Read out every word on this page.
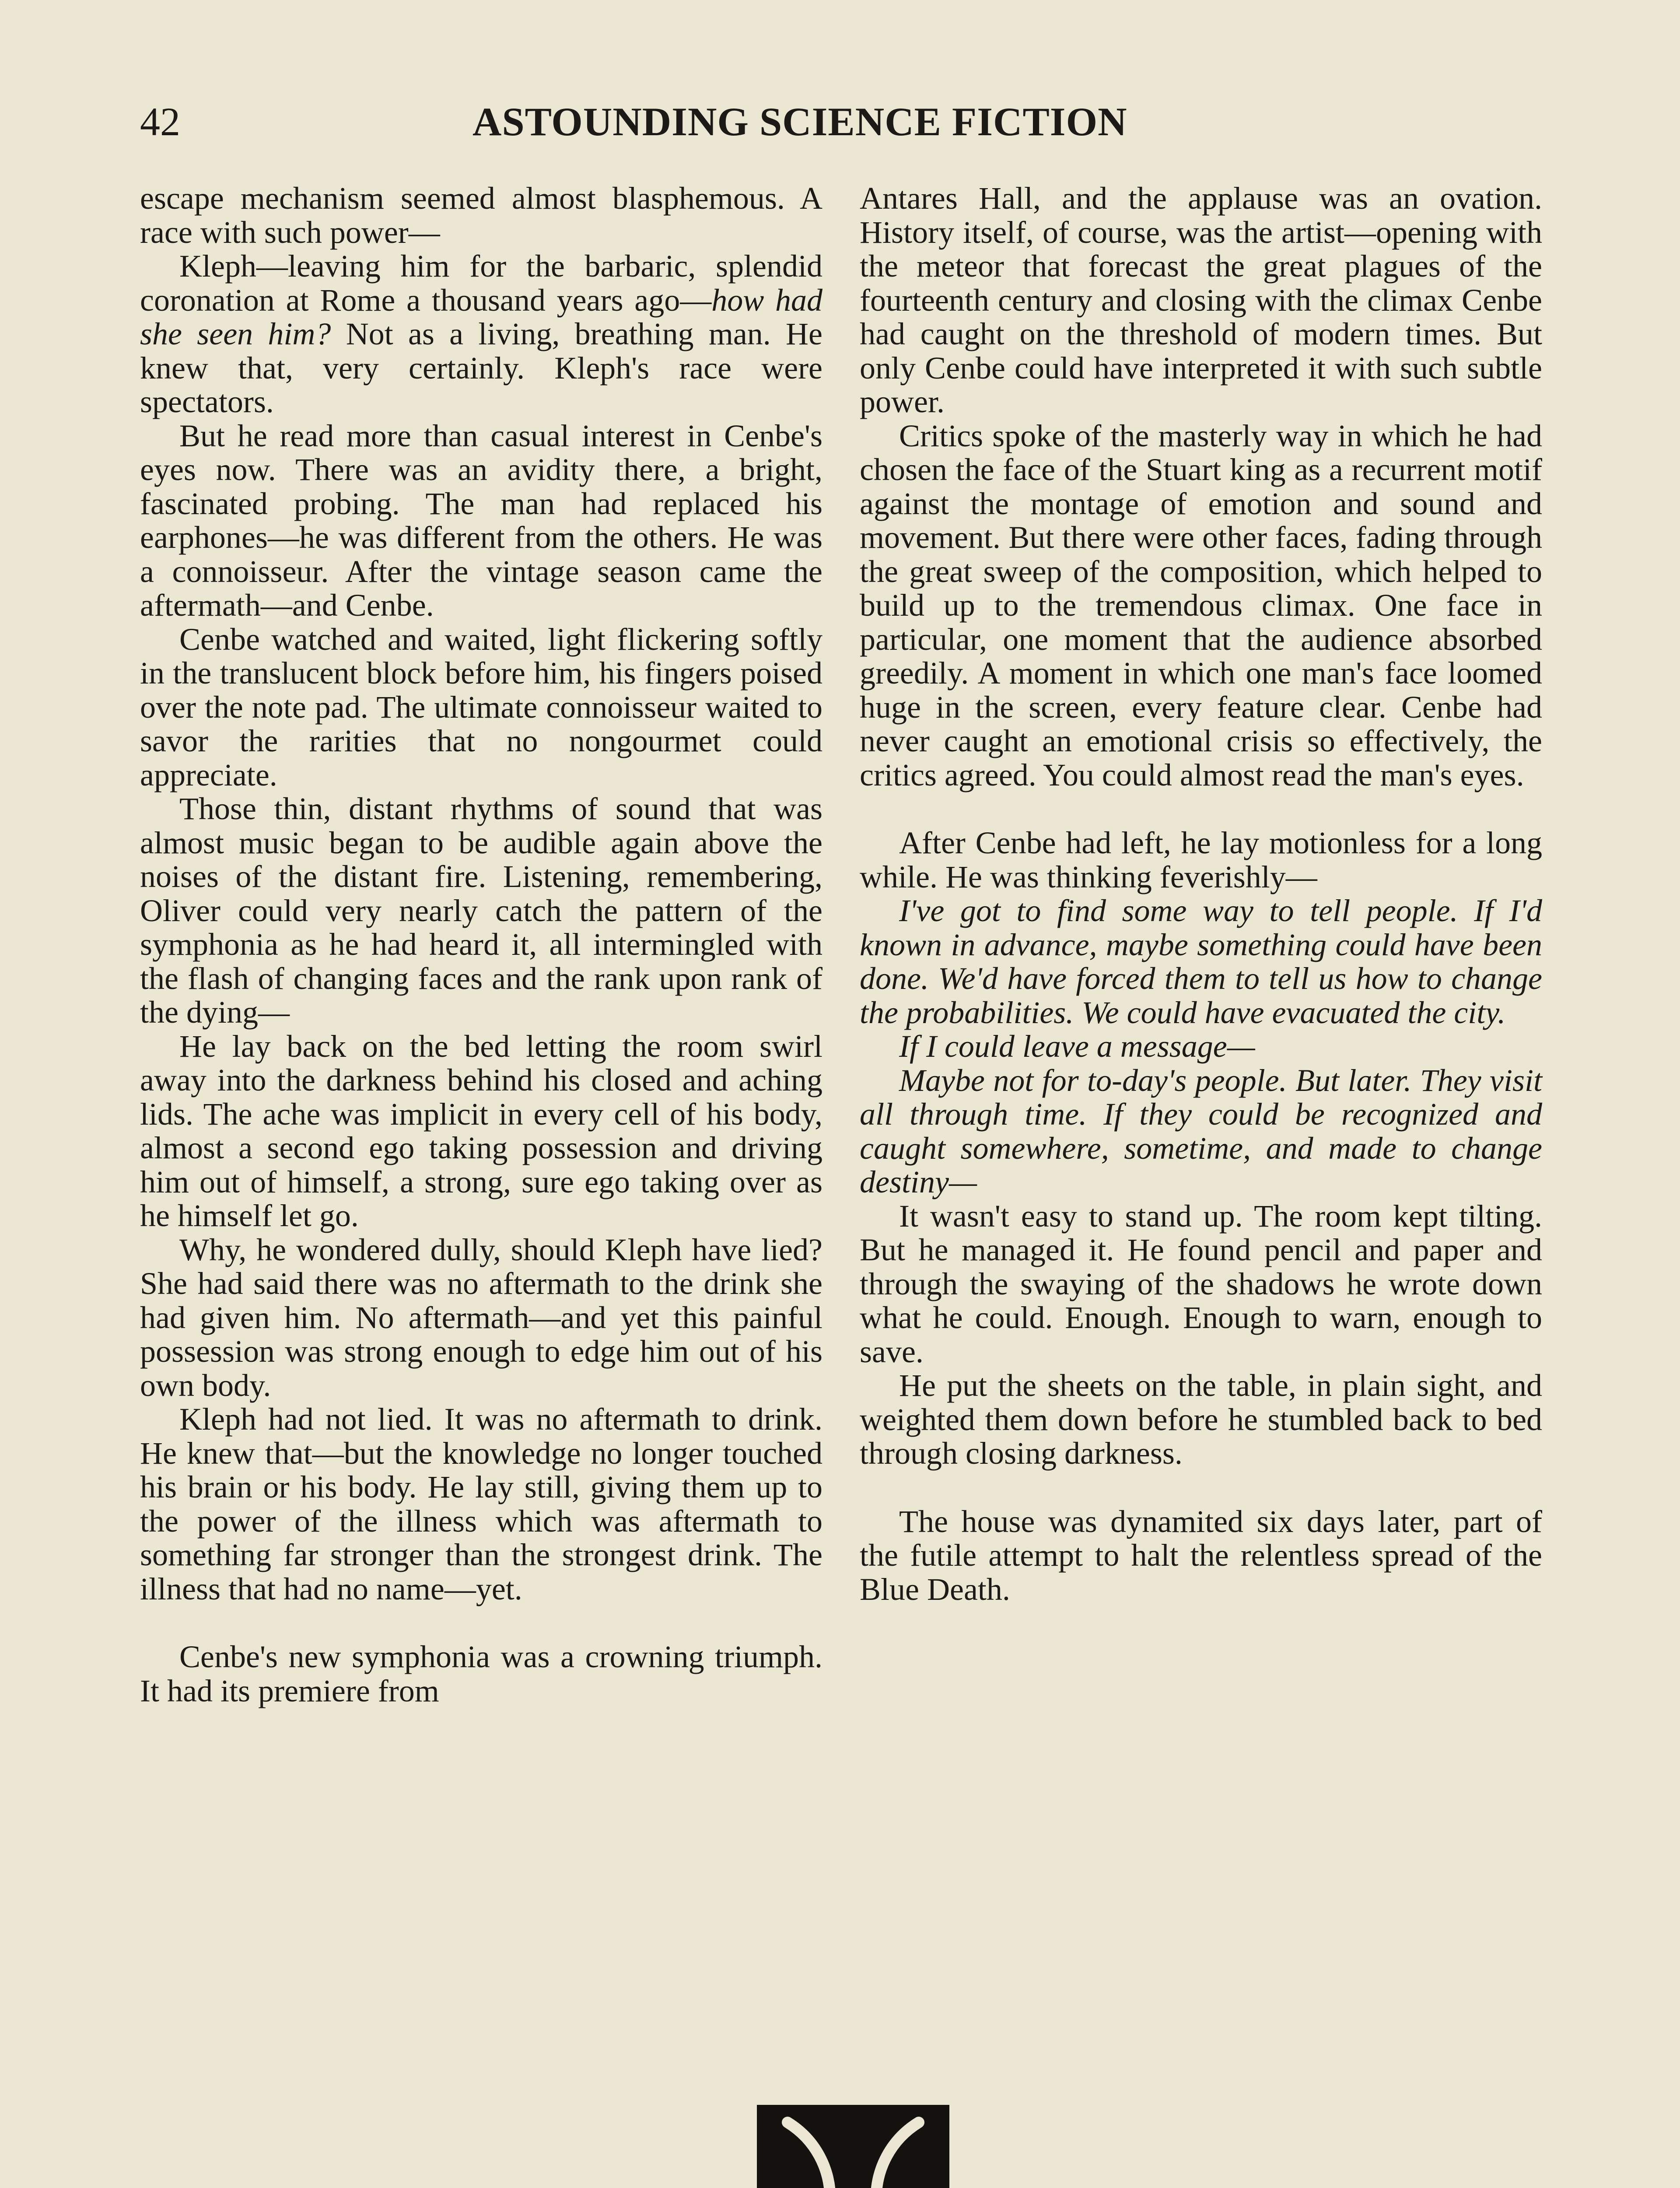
42	ASTOUNDING SCIENCE FICTION

escape mechanism seemed almost blasphemous. A race with such power—

Kleph—leaving him for the barbaric, splendid coronation at Rome a thousand years ago—how had she seen him? Not as a living, breathing man. He knew that, very certainly. Kleph's race were spectators.

But he read more than casual interest in Cenbe's eyes now. There was an avidity there, a bright, fascinated probing. The man had replaced his earphones—he was different from the others. He was a connoisseur. After the vintage season came the aftermath—and Cenbe.

Cenbe watched and waited, light flickering softly in the translucent block before him, his fingers poised over the note pad. The ultimate connoisseur waited to savor the rarities that no nongourmet could appreciate.

Those thin, distant rhythms of sound that was almost music began to be audible again above the noises of the distant fire. Listening, remembering, Oliver could very nearly catch the pattern of the symphonia as he had heard it, all intermingled with the flash of changing faces and the rank upon rank of the dying—

He lay back on the bed letting the room swirl away into the darkness behind his closed and aching lids. The ache was implicit in every cell of his body, almost a second ego taking possession and driving him out of himself, a strong, sure ego taking over as he himself let go.

Why, he wondered dully, should Kleph have lied? She had said there was no aftermath to the drink she had given him. No aftermath—and yet this painful possession was strong enough to edge him out of his own body.

Kleph had not lied. It was no aftermath to drink. He knew that—but the knowledge no longer touched his brain or his body. He lay still, giving them up to the power of the illness which was aftermath to something far stronger than the strongest drink. The illness that had no name—yet.

Cenbe's new symphonia was a crowning triumph. It had its premiere from

Antares Hall, and the applause was an ovation. History itself, of course, was the artist—opening with the meteor that forecast the great plagues of the fourteenth century and closing with the climax Cenbe had caught on the threshold of modern times. But only Cenbe could have interpreted it with such subtle power.

Critics spoke of the masterly way in which he had chosen the face of the Stuart king as a recurrent motif against the montage of emotion and sound and movement. But there were other faces, fading through the great sweep of the composition, which helped to build up to the tremendous climax. One face in particular, one moment that the audience absorbed greedily. A moment in which one man's face loomed huge in the screen, every feature clear. Cenbe had never caught an emotional crisis so effectively, the critics agreed. You could almost read the man's eyes.

After Cenbe had left, he lay motionless for a long while. He was thinking feverishly—

I've got to find some way to tell people. If I'd known in advance, maybe something could have been done. We'd have forced them to tell us how to change the probabilities. We could have evacuated the city.

If I could leave a message—

Maybe not for to-day's people. But later. They visit all through time. If they could be recognized and caught somewhere, sometime, and made to change destiny—

It wasn't easy to stand up. The room kept tilting. But he managed it. He found pencil and paper and through the swaying of the shadows he wrote down what he could. Enough. Enough to warn, enough to save.

He put the sheets on the table, in plain sight, and weighted them down before he stumbled back to bed through closing darkness.

The house was dynamited six days later, part of the futile attempt to halt the relentless spread of the Blue Death.
